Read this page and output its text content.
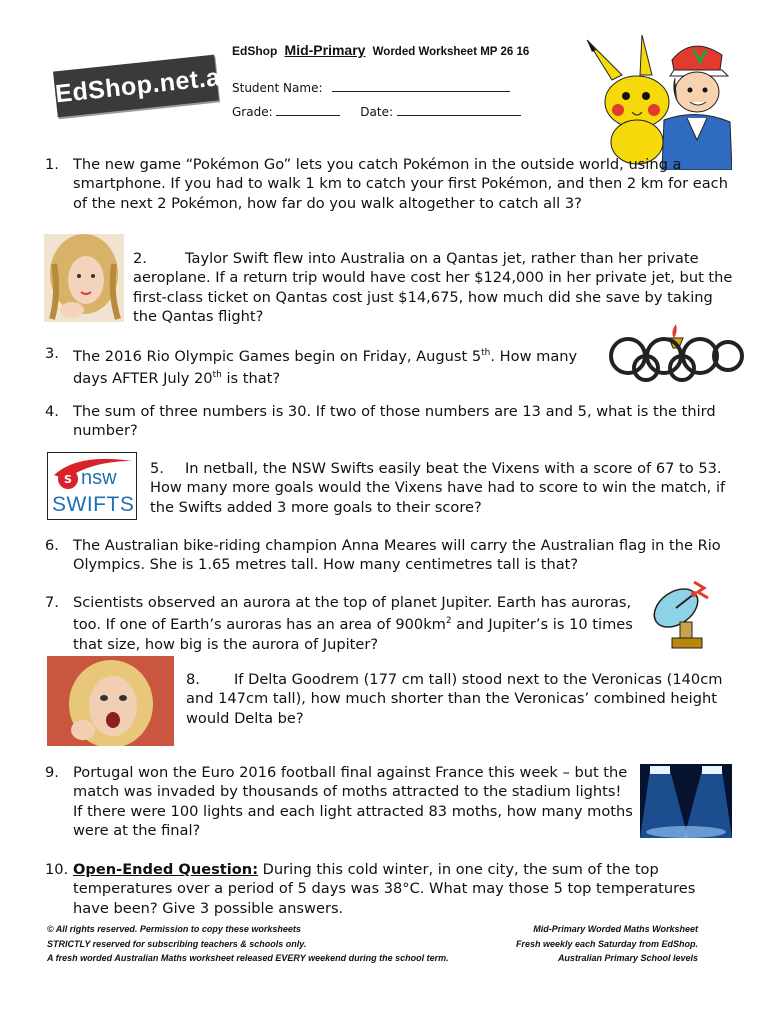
EdShop.net.au
EdShop Mid-Primary Worded Worksheet MP 26 16
Student Name:
Grade:	Date:
1. The new game “Pokémon Go” lets you catch Pokémon in the outside world, using a smartphone. If you had to walk 1 km to catch your first Pokémon, and then 2 km for each of the next 2 Pokémon, how far do you walk altogether to catch all 3?
2.	Taylor Swift flew into Australia on a Qantas jet, rather than her private aeroplane. If a return trip would have cost her $124,000 in her private jet, but the first-class ticket on Qantas cost just $14,675, how much did she save by taking the Qantas flight?
3. The 2016 Rio Olympic Games begin on Friday, August 5th. How many days AFTER July 20th is that?
4. The sum of three numbers is 30. If two of those numbers are 13 and 5, what is the third number?
S nsw
SWIFTS
5.	In netball, the NSW Swifts easily beat the Vixens with a score of 67 to 53. How many more goals would the Vixens have had to score to win the match, if the Swifts added 3 more goals to their score?
6. The Australian bike-riding champion Anna Meares will carry the Australian flag in the Rio Olympics. She is 1.65 metres tall. How many centimetres tall is that?
7. Scientists observed an aurora at the top of planet Jupiter. Earth has auroras, too. If one of Earth’s auroras has an area of $900km^2$ and Jupiter’s is 10 times that size, how big is the aurora of Jupiter?
8.	If Delta Goodrem (177 cm tall) stood next to the Veronicas (140cm and 147cm tall), how much shorter than the Veronicas’ combined height would Delta be?
9. Portugal won the Euro 2016 football final against France this week – but the match was invaded by thousands of moths attracted to the stadium lights! If there were 100 lights and each light attracted 83 moths, how many moths were at the final?
10. Open-Ended Question: During this cold winter, in one city, the sum of the top temperatures over a period of 5 days was 38°C. What may those 5 top temperatures have been? Give 3 possible answers.
© All rights reserved. Permission to copy these worksheets
STRICTLY reserved for subscribing teachers & schools only.
A fresh worded Australian Maths worksheet released EVERY weekend during the school term.
Mid-Primary Worded Maths Worksheet
Fresh weekly each Saturday from EdShop.
Australian Primary School levels
